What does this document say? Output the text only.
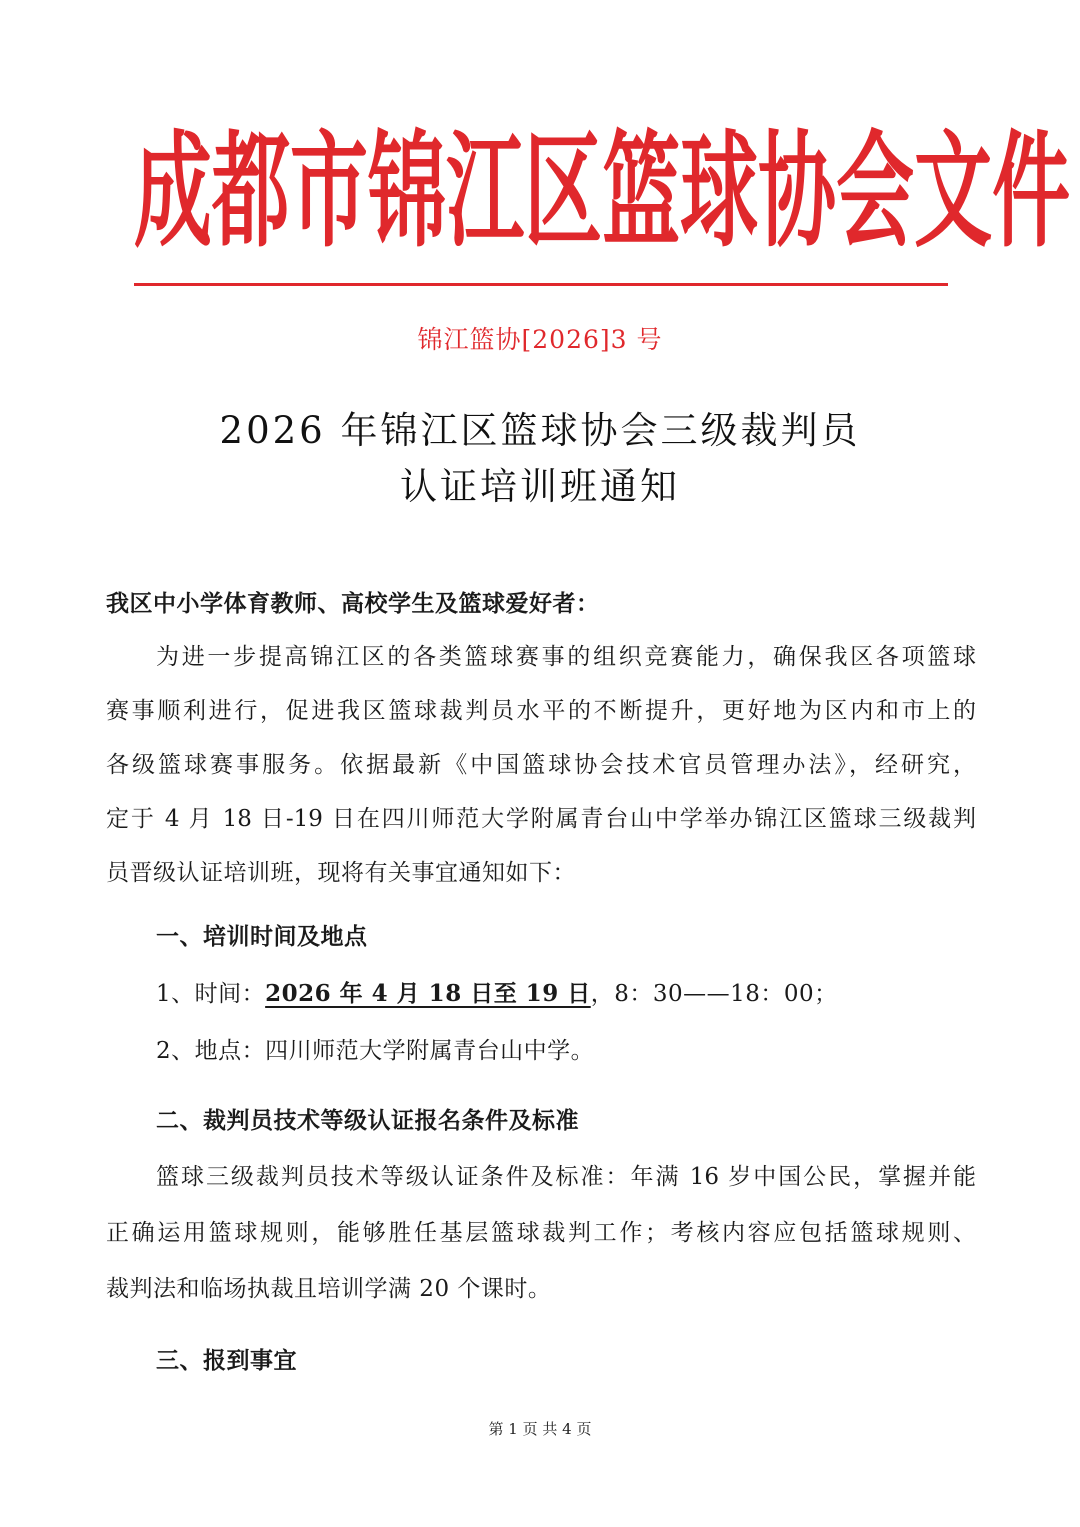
成 都 市 锦 江 区 篮 球 协 会 文 件
锦江篮协[2026]3 号
2026 年锦江区篮球协会三级裁判员
认证培训班通知
我区中小学体育教师、高校学生及篮球爱好者：
为进一步提高锦江区的各类篮球赛事的组织竞赛能力，确保我区各项篮球
赛事顺利进行，促进我区篮球裁判员水平的不断提升，更好地为区内和市上的
各级篮球赛事服务。依据最新《中国篮球协会技术官员管理办法》，经研究，
定于 4 月 18 日-19 日在四川师范大学附属青台山中学举办锦江区篮球三级裁判
员晋级认证培训班，现将有关事宜通知如下：
一、培训时间及地点
1、时间：2026 年 4 月 18 日至 19 日，8：30——18：00；
2、地点：四川师范大学附属青台山中学。
二、裁判员技术等级认证报名条件及标准
篮球三级裁判员技术等级认证条件及标准：年满 16 岁中国公民，掌握并能
正确运用篮球规则，能够胜任基层篮球裁判工作；考核内容应包括篮球规则、
裁判法和临场执裁且培训学满 20 个课时。
三、报到事宜
第 1 页 共 4 页
